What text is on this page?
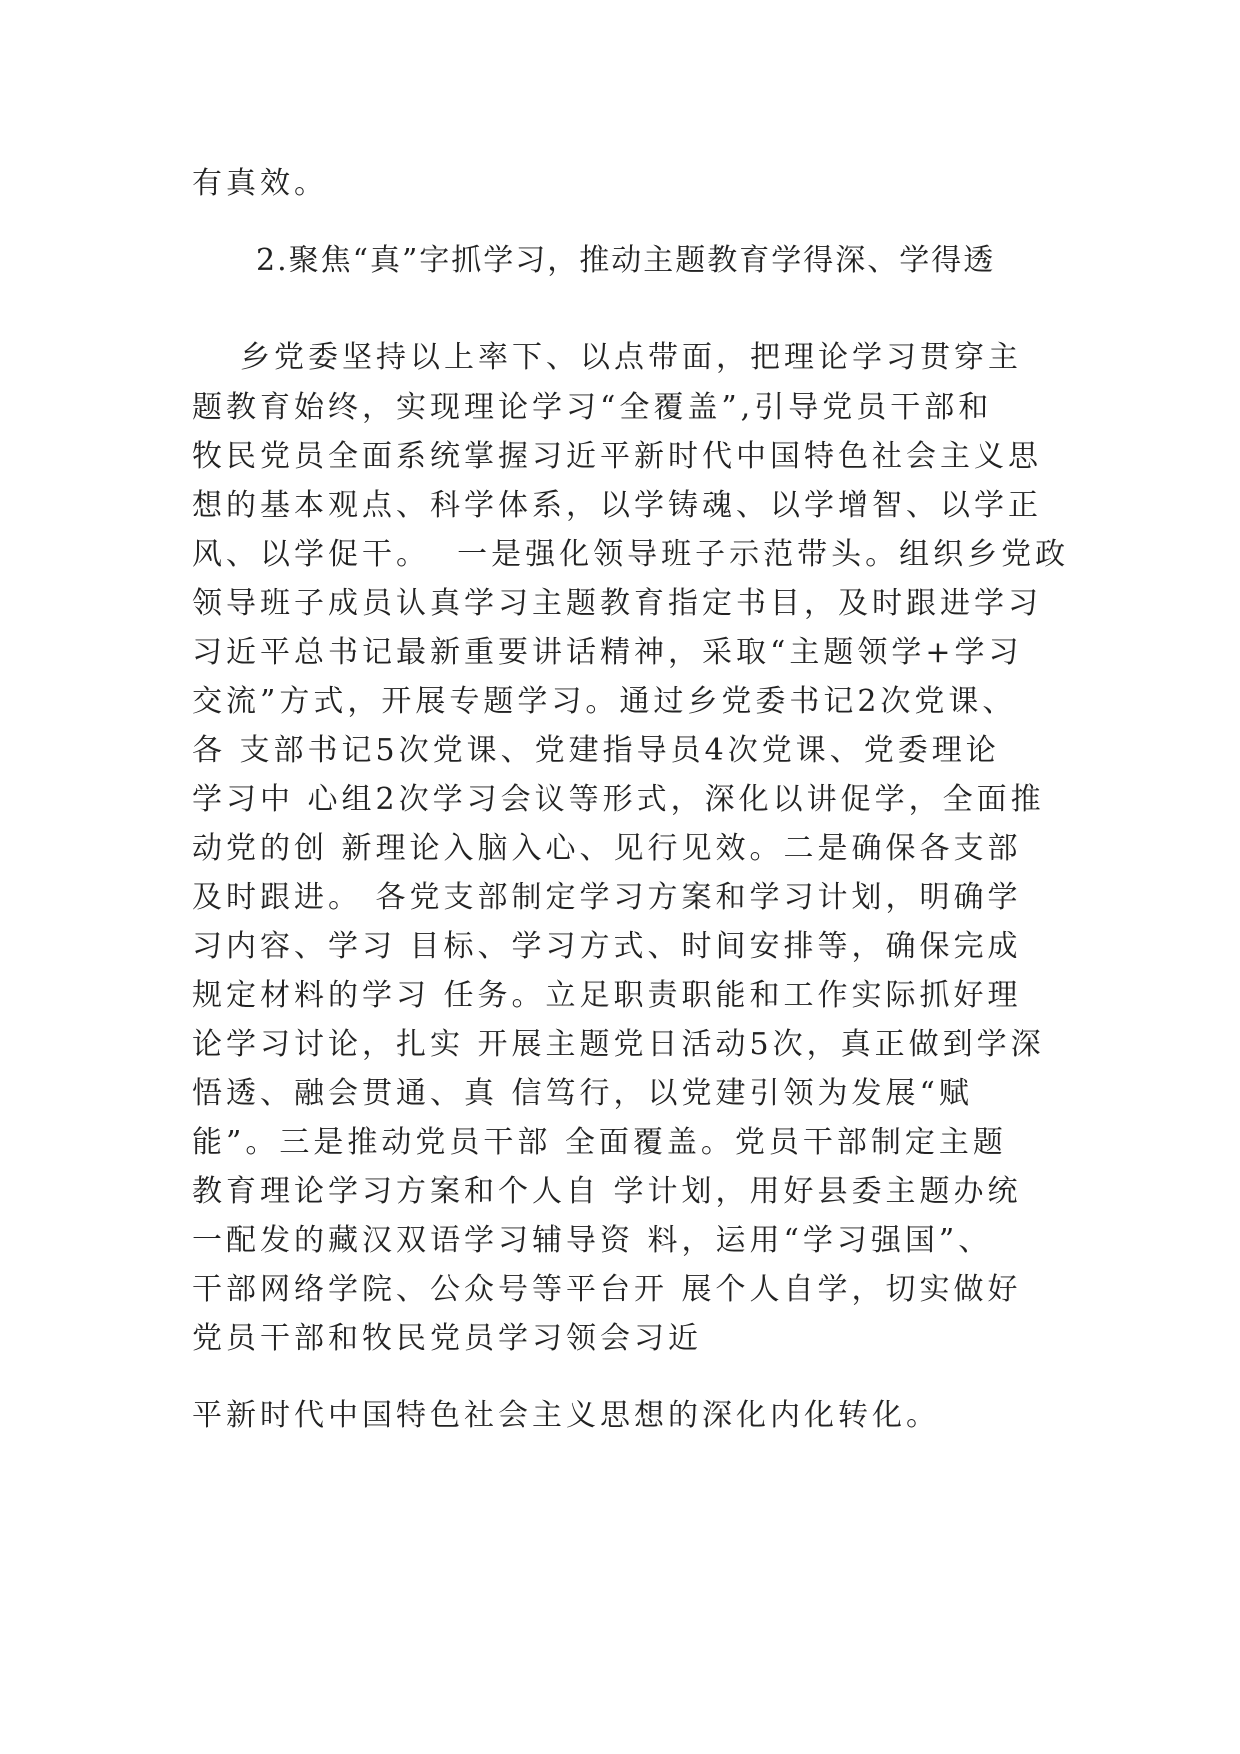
有真效。
2.聚焦“真”字抓学习，推动主题教育学得深、学得透
乡党委坚持以上率下、以点带面，把理论学习贯穿主
题教育始终，实现理论学习“全覆盖”,引导党员干部和
牧民党员全面系统掌握习近平新时代中国特色社会主义思
想的基本观点、科学体系，以学铸魂、以学增智、以学正
风、以学促干。  一是强化领导班子示范带头。组织乡党政
领导班子成员认真学习主题教育指定书目，及时跟进学习
习近平总书记最新重要讲话精神，采取“主题领学+学习
交流”方式，开展专题学习。通过乡党委书记2次党课、
各 支部书记5次党课、党建指导员4次党课、党委理论
学习中 心组2次学习会议等形式，深化以讲促学，全面推
动党的创 新理论入脑入心、见行见效。二是确保各支部
及时跟进。 各党支部制定学习方案和学习计划，明确学
习内容、学习 目标、学习方式、时间安排等，确保完成
规定材料的学习 任务。立足职责职能和工作实际抓好理
论学习讨论，扎实 开展主题党日活动5次，真正做到学深
悟透、融会贯通、真 信笃行，以党建引领为发展“赋
能”。三是推动党员干部 全面覆盖。党员干部制定主题
教育理论学习方案和个人自 学计划，用好县委主题办统
一配发的藏汉双语学习辅导资 料，运用“学习强国”、
干部网络学院、公众号等平台开 展个人自学，切实做好
党员干部和牧民党员学习领会习近
平新时代中国特色社会主义思想的深化内化转化。
